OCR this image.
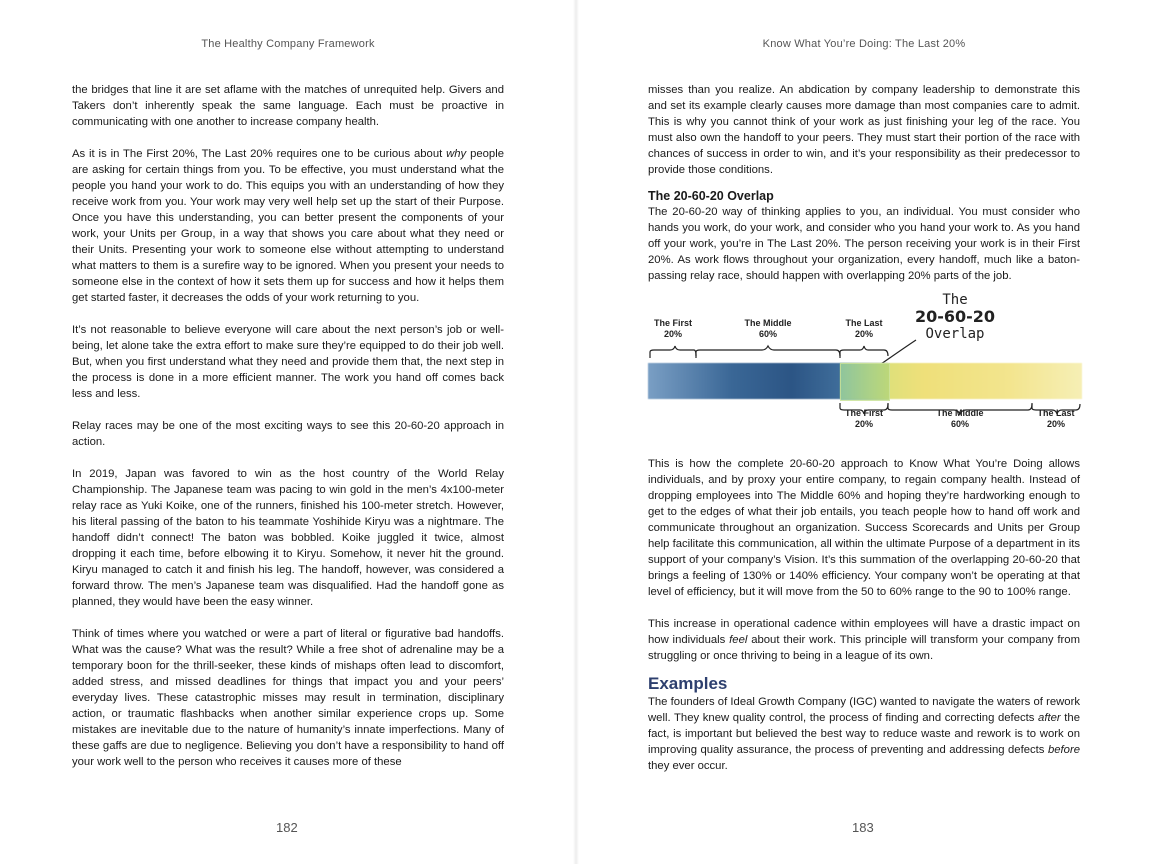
The Healthy Company Framework

the bridges that line it are set aflame with the matches of unrequited help. Givers and Takers don’t inherently speak the same language. Each must be proactive in communicating with one another to increase company health.

As it is in The First 20%, The Last 20% requires one to be curious about why people are asking for certain things from you. To be effective, you must understand what the people you hand your work to do. This equips you with an understanding of how they receive work from you. Your work may very well help set up the start of their Purpose. Once you have this understanding, you can better present the components of your work, your Units per Group, in a way that shows you care about what they need or their Units. Presenting your work to someone else without attempting to understand what matters to them is a surefire way to be ignored. When you present your needs to someone else in the context of how it sets them up for success and how it helps them get started faster, it decreases the odds of your work returning to you.

It’s not reasonable to believe everyone will care about the next person’s job or well-being, let alone take the extra effort to make sure they’re equipped to do their job well. But, when you first understand what they need and provide them that, the next step in the process is done in a more efficient manner. The work you hand off comes back less and less.

Relay races may be one of the most exciting ways to see this 20-60-20 approach in action.

In 2019, Japan was favored to win as the host country of the World Relay Championship. The Japanese team was pacing to win gold in the men’s 4x100-meter relay race as Yuki Koike, one of the runners, finished his 100-meter stretch. However, his literal passing of the baton to his teammate Yoshihide Kiryu was a nightmare. The handoff didn’t connect! The baton was bobbled. Koike juggled it twice, almost dropping it each time, before elbowing it to Kiryu. Somehow, it never hit the ground. Kiryu managed to catch it and finish his leg. The handoff, however, was considered a forward throw. The men’s Japanese team was disqualified. Had the handoff gone as planned, they would have been the easy winner.

Think of times where you watched or were a part of literal or figurative bad handoffs. What was the cause? What was the result? While a free shot of adrenaline may be a temporary boon for the thrill-seeker, these kinds of mishaps often lead to discomfort, added stress, and missed deadlines for things that impact you and your peers’ everyday lives. These catastrophic misses may result in termination, disciplinary action, or traumatic flashbacks when another similar experience crops up. Some mistakes are inevitable due to the nature of humanity’s innate imperfections. Many of these gaffs are due to negligence. Believing you don’t have a responsibility to hand off your work well to the person who receives it causes more of these

182
Know What You’re Doing: The Last 20%

misses than you realize. An abdication by company leadership to demonstrate this and set its example clearly causes more damage than most companies care to admit. This is why you cannot think of your work as just finishing your leg of the race. You must also own the handoff to your peers. They must start their portion of the race with chances of success in order to win, and it’s your responsibility as their predecessor to provide those conditions.

The 20-60-20 Overlap

The 20-60-20 way of thinking applies to you, an individual. You must consider who hands you work, do your work, and consider who you hand your work to. As you hand off your work, you’re in The Last 20%. The person receiving your work is in their First 20%. As work flows throughout your organization, every handoff, much like a baton-passing relay race, should happen with overlapping 20% parts of the job.

The First
20%
The Middle
60%
The Last
20%
The
20-60-20
Overlap
The First
20%
The Middle
60%
The Last
20%

This is how the complete 20-60-20 approach to Know What You’re Doing allows individuals, and by proxy your entire company, to regain company health. Instead of dropping employees into The Middle 60% and hoping they’re hardworking enough to get to the edges of what their job entails, you teach people how to hand off work and communicate throughout an organization. Success Scorecards and Units per Group help facilitate this communication, all within the ultimate Purpose of a department in its support of your company’s Vision. It’s this summation of the overlapping 20-60-20 that brings a feeling of 130% or 140% efficiency. Your company won’t be operating at that level of efficiency, but it will move from the 50 to 60% range to the 90 to 100% range.

This increase in operational cadence within employees will have a drastic impact on how individuals feel about their work. This principle will transform your company from struggling or once thriving to being in a league of its own.

Examples

The founders of Ideal Growth Company (IGC) wanted to navigate the waters of rework well. They knew quality control, the process of finding and correcting defects after the fact, is important but believed the best way to reduce waste and rework is to work on improving quality assurance, the process of preventing and addressing defects before they ever occur.

183
